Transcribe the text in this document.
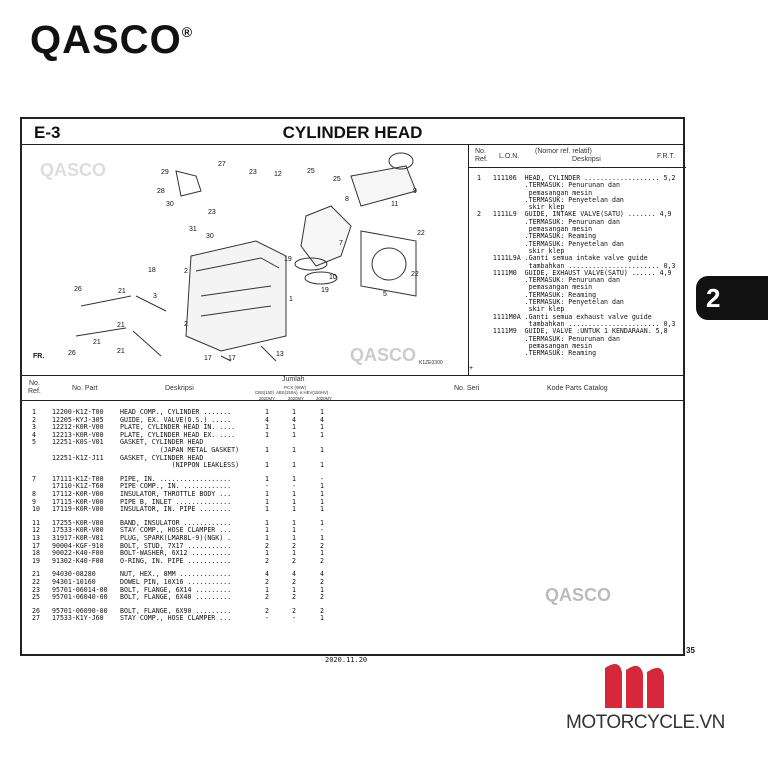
QASCO®
E-3	CYLINDER HEAD
29
27
28
30
23
31
30
23 12	25
25
8
9
11
7
22
22
5
18	2
19
10
19
26	21
3
21
21
2
1
17 17
13
26
21
K1ZE0300
FR.
No.
Ref. L.O.N.
(Nomor ref. relatif)
Deskripsi	F.R.T.
1   111106  HEAD, CYLINDER ................... 5,2
.TERMASUK: Penurunan dan
pemasangan mesin
.TERMASUK: Penyetelan dan
skir klep
2   1111L9  GUIDE, INTAKE VALVE(SATU) ....... 4,9
.TERMASUK: Penurunan dan
pemasangan mesin
.TERMASUK: Reaming
.TERMASUK: Penyetelan dan
skir klep
1111L9A .Ganti semua intake valve guide
tambahkan ....................... 0,3
1111M0  GUIDE, EXHAUST VALVE(SATU) ...... 4,9
.TERMASUK: Penurunan dan
pemasangan mesin
.TERMASUK: Reaming
.TERMASUK: Penyetelan dan
skir klep
1111M0A .Ganti semua exhaust valve guide
tambahkan ....................... 0,3
1111M9  GUIDE, VALVE :UNTUK 1 KENDARAAN. 5,8
.TERMASUK: Penurunan dan
pemasangan mesin
.TERMASUK: Reaming
+
No.
Ref.	No. Part	Deskripsi
Jumlah
PCX (WW)
CBS(150)  ABS(150A)  e:HEV(150HV)
2020MY	2020MY	2020MY
No. Seri	Kode Parts Catalog
1 12200-K1Z-T00 HEAD COMP., CYLINDER .......	1	1	1
2 12205-KYJ-305 GUIDE, EX. VALVE(O.S.) .....	4	4	4
3 12212-K0R-V00 PLATE, CYLINDER HEAD IN. ....	1	1	1
4 12213-K0R-V00 PLATE, CYLINDER HEAD EX. ....	1	1	1
5 12251-K0S-V01 GASKET, CYLINDER HEAD
(JAPAN METAL GASKET)	1	1	1
12251-K1Z-J11 GASKET, CYLINDER HEAD
(NIPPON LEAKLESS)	1	1	1
7 17111-K1Z-T00 PIPE, IN. ..................	1	1	-
17110-K1Z-T60 PIPE COMP., IN. ............	-	-	1
8 17112-K0R-V00 INSULATOR, THROTTLE BODY ...	1	1	1
9 17115-K0R-V00 PIPE B, INLET ..............	1	1	1
10 17119-K0R-V00 INSULATOR, IN. PIPE ........	1	1	1
11 17255-K0R-V00 BAND, INSULATOR ............	1	1	1
12 17533-K0R-V00 STAY COMP., HOSE CLAMPER ...	1	1	-
13 31917-K0R-V01 PLUG, SPARK(LMAR8L-9)(NGK) .	1	1	1
17 90004-KGF-910 BOLT, STUD, 7X17 ...........	2	2	2
18 90022-K40-F00 BOLT-WASHER, 6X12 ..........	1	1	1
19 91302-K40-F00 O-RING, IN. PIPE ...........	2	2	2
21 94030-08280	NUT, HEX., 8MM .............	4	4	4
22 94301-10160	DOWEL PIN, 10X16 ...........	2	2	2
23 95701-06014-00 BOLT, FLANGE, 6X14 .........	1	1	1
25 95701-06040-00 BOLT, FLANGE, 6X40 .........	2	2	2
26 95701-06090-00 BOLT, FLANGE, 6X90 .........	2	2	2
27 17533-K1Y-J60 STAY COMP., HOSE CLAMPER ...	-	-	1
QASCO
QASCO
QASCO
35
2020.11.20
2
MOTORCYCLE.VN
